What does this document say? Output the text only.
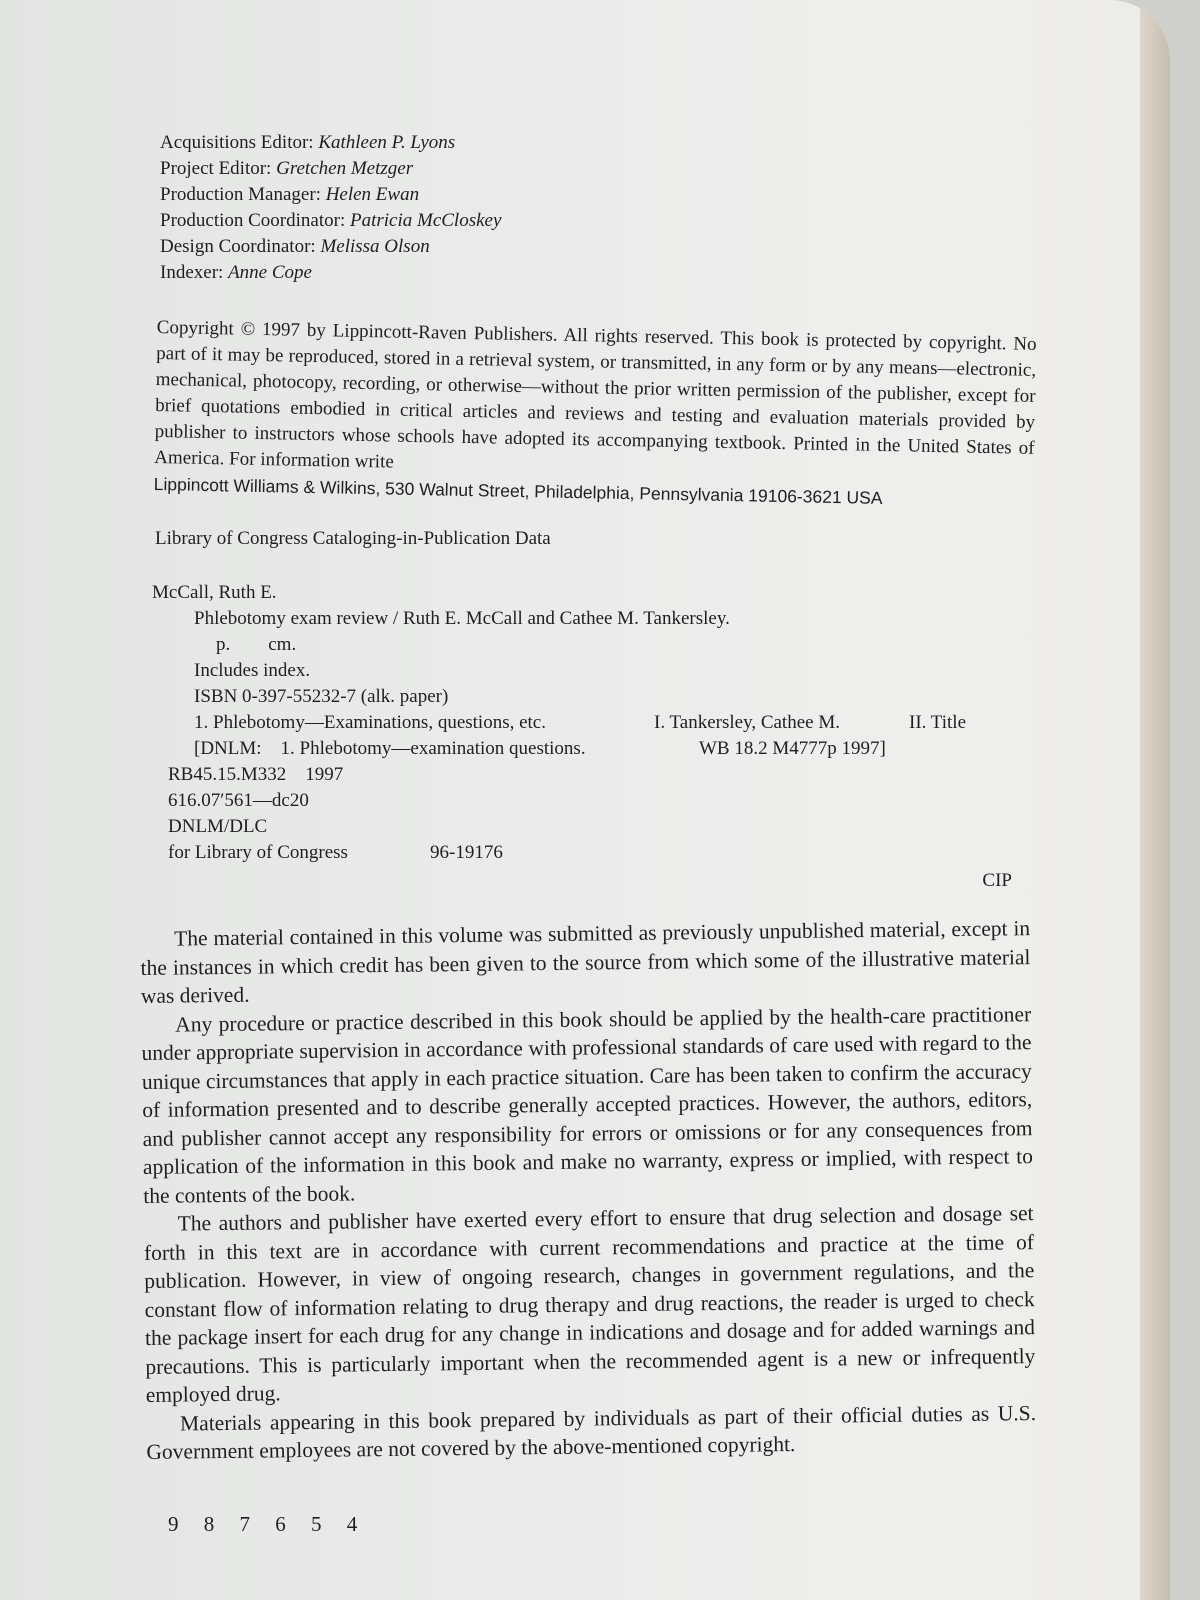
Acquisitions Editor: Kathleen P. Lyons
Project Editor: Gretchen Metzger
Production Manager: Helen Ewan
Production Coordinator: Patricia McCloskey
Design Coordinator: Melissa Olson
Indexer: Anne Cope
Copyright © 1997 by Lippincott-Raven Publishers. All rights reserved. This book is protected by copyright. No part of it may be reproduced, stored in a retrieval system, or transmitted, in any form or by any means—electronic, mechanical, photocopy, recording, or otherwise—without the prior written permission of the publisher, except for brief quotations embodied in critical articles and reviews and testing and evaluation materials provided by publisher to instructors whose schools have adopted its accompanying textbook. Printed in the United States of America. For information write
Lippincott Williams & Wilkins, 530 Walnut Street, Philadelphia, Pennsylvania 19106-3621 USA
Library of Congress Cataloging-in-Publication Data
McCall, Ruth E.
Phlebotomy exam review / Ruth E. McCall and Cathee M. Tankersley.
p.        cm.
Includes index.
ISBN 0-397-55232-7 (alk. paper)
1. Phlebotomy—Examinations, questions, etc.	I. Tankersley, Cathee M.	II. Title
[DNLM:    1. Phlebotomy—examination questions.	WB 18.2 M4777p 1997]
RB45.15.M332    1997
616.07′561—dc20
DNLM/DLC
for Library of Congress	96-19176
CIP

The material contained in this volume was submitted as previously unpublished material, except in the instances in which credit has been given to the source from which some of the illustrative material was derived.

Any procedure or practice described in this book should be applied by the health-care practitioner under appropriate supervision in accordance with professional standards of care used with regard to the unique circumstances that apply in each practice situation. Care has been taken to confirm the accuracy of information presented and to describe generally accepted practices. However, the authors, editors, and publisher cannot accept any responsibility for errors or omissions or for any consequences from application of the information in this book and make no warranty, express or implied, with respect to the contents of the book.

The authors and publisher have exerted every effort to ensure that drug selection and dosage set forth in this text are in accordance with current recommendations and practice at the time of publication. However, in view of ongoing research, changes in government regulations, and the constant flow of information relating to drug therapy and drug reactions, the reader is urged to check the package insert for each drug for any change in indications and dosage and for added warnings and precautions. This is particularly important when the recommended agent is a new or infrequently employed drug.

Materials appearing in this book prepared by individuals as part of their official duties as U.S. Government employees are not covered by the above-mentioned copyright.

9 8 7 6 5 4
